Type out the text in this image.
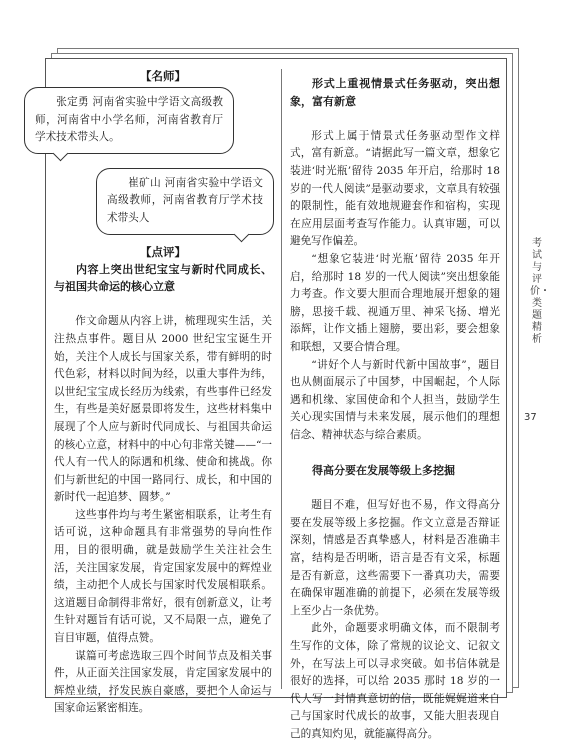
【名师】
张定勇 河南省实验中学语文高级教师，河南省中小学名师，河南省教育厅学术技术带头人。
崔矿山 河南省实验中学语文高级教师，河南省教育厅学术技术带头人
【点评】
内容上突出世纪宝宝与新时代同成长、与祖国共命运的核心立意
作文命题从内容上讲，梳理现实生活，关注热点事件。题目从 2000 世纪宝宝诞生开始，关注个人成长与国家关系，带有鲜明的时代色彩，材料以时间为经，以重大事件为纬，以世纪宝宝成长经历为线索，有些事件已经发生，有些是美好愿景即将发生，这些材料集中展现了个人应与新时代同成长、与祖国共命运的核心立意，材料中的中心句非常关键——“一代人有一代人的际遇和机缘、使命和挑战。你们与新世纪的中国一路同行、成长，和中国的新时代一起追梦、圆梦。”
这些事件均与考生紧密相联系，让考生有话可说，这种命题具有非常强势的导向性作用，目的很明确，就是鼓励学生关注社会生活，关注国家发展，肯定国家发展中的辉煌业绩，主动把个人成长与国家时代发展相联系。这道题目命制得非常好，很有创新意义，让考生针对题旨有话可说，又不局限一点，避免了盲目审题，值得点赞。
谋篇可考虑选取三四个时间节点及相关事件，从正面关注国家发展，肯定国家发展中的辉煌业绩，抒发民族自豪感，要把个人命运与国家命运紧密相连。
形式上重视情景式任务驱动，突出想象，富有新意
形式上属于情景式任务驱动型作文样式，富有新意。“请据此写一篇文章，想象它装进‘时光瓶’留待 2035 年开启，给那时 18 岁的一代人阅读”是驱动要求，文章具有较强的限制性，能有效地规避套作和宿构，实现在应用层面考查写作能力。认真审题，可以避免写作偏差。
“想象它装进‘时光瓶’留待 2035 年开启，给那时 18 岁的一代人阅读”突出想象能力考查。作文要大胆而合理地展开想象的翅膀，思接千载、视通万里、神采飞扬、增光添辉，让作文插上翅膀，要出彩，要会想象和联想，又要合情合理。
“讲好个人与新时代新中国故事”，题目也从侧面展示了中国梦，中国崛起，个人际遇和机缘、家国使命和个人担当，鼓励学生关心现实国情与未来发展，展示他们的理想信念、精神状态与综合素质。
得高分要在发展等级上多挖掘
题目不难，但写好也不易，作文得高分要在发展等级上多挖掘。作文立意是否辩证深刻，情感是否真挚感人，材料是否准确丰富，结构是否明晰，语言是否有文采，标题是否有新意，这些需要下一番真功夫，需要在确保审题准确的前提下，必须在发展等级上至少占一条优势。
此外，命题要求明确文体，而不限制考生写作的文体，除了常规的议论文、记叙文外，在写法上可以寻求突破。如书信体就是很好的选择，可以给 2035 那时 18 岁的一代人写一封情真意切的信，既能娓娓道来自己与国家时代成长的故事，又能大胆表现自己的真知灼见，就能赢得高分。
考试与评价・类题精析
37
